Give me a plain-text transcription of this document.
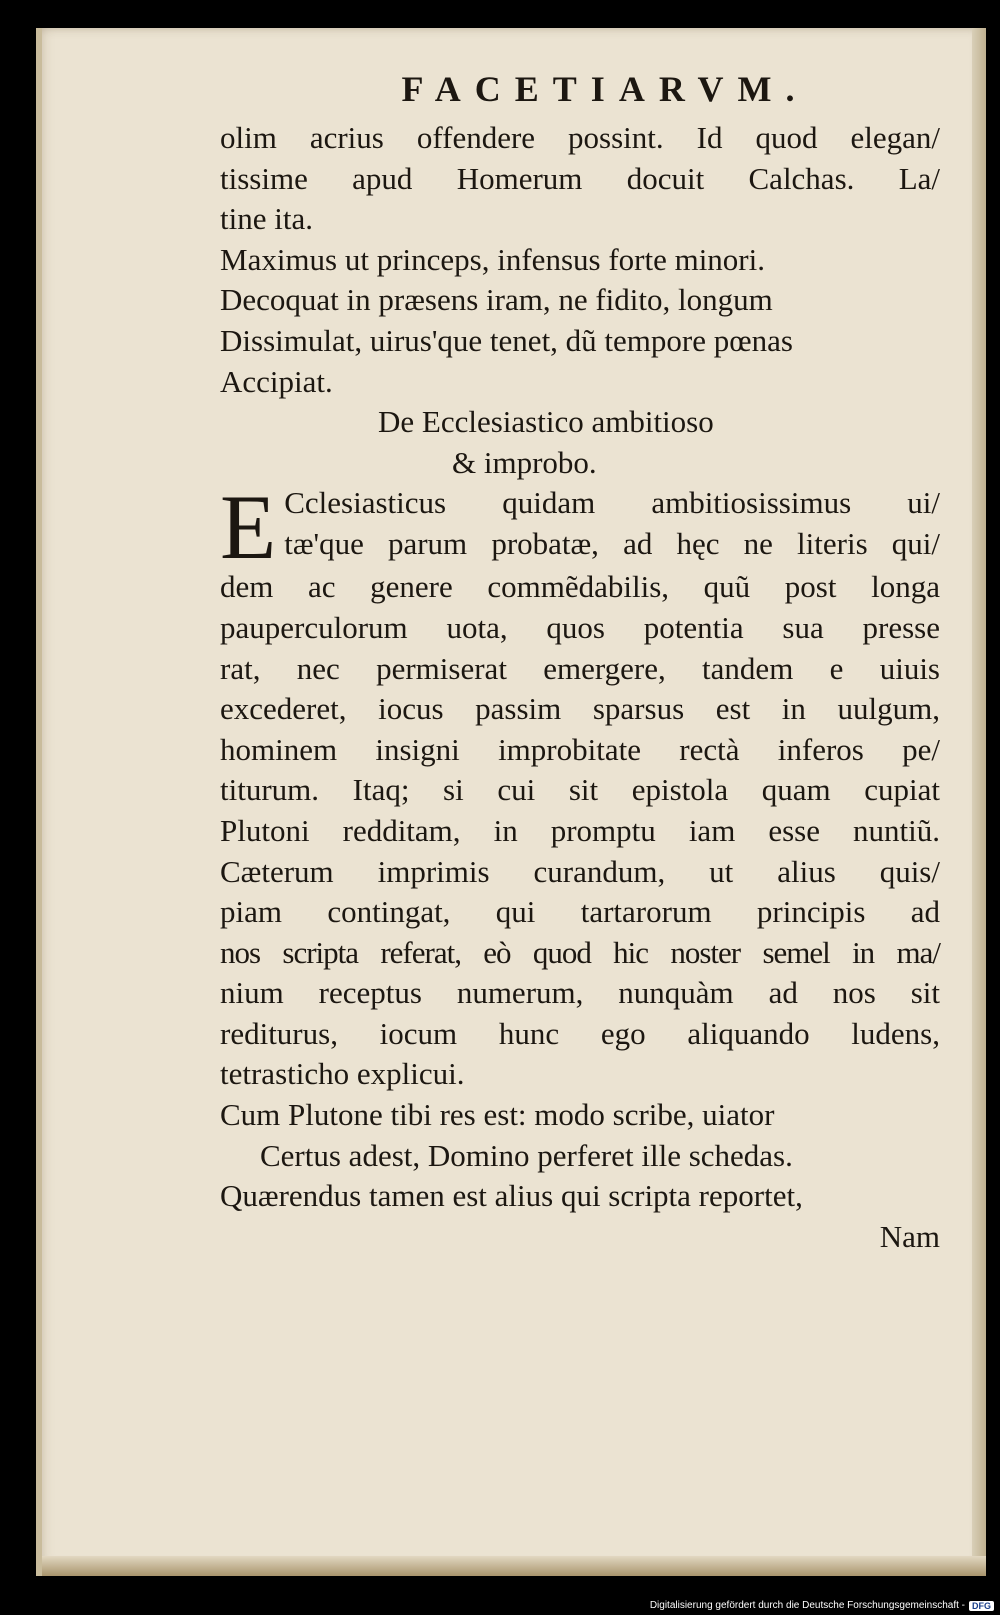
FACETIARVM.
olim acrius offendere possint. Id quod elegan/
tissime apud Homerum docuit Calchas. La/
tine ita.
Maximus ut princeps, infensus forte minori.
Decoquat in præsens iram, ne fidito, longum
Dissimulat, uirus'que tenet, dũ tempore pœnas
Accipiat.
De Ecclesiastico ambitioso
& improbo.
E Cclesiasticus quidam ambitiosissimus ui/
tæ'que parum probatæ, ad hęc ne literis qui/
dem ac genere commẽdabilis, quũ post longa
pauperculorum uota, quos potentia sua presse
rat, nec permiserat emergere, tandem e uiuis
excederet, iocus passim sparsus est in uulgum,
hominem insigni improbitate rectà inferos pe/
titurum. Itaq; si cui sit epistola quam cupiat
Plutoni redditam, in promptu iam esse nuntiũ.
Cæterum imprimis curandum, ut alius quis/
piam contingat, qui tartarorum principis ad
nos scripta referat, eò quod hic noster semel in ma/
nium receptus numerum, nunquàm ad nos sit
rediturus, iocum hunc ego aliquando ludens,
tetrasticho explicui.
Cum Plutone tibi res est: modo scribe, uiator
Certus adest, Domino perferet ille schedas.
Quærendus tamen est alius qui scripta reportet,
Nam
Digitalisierung gefördert durch die Deutsche Forschungsgemeinschaft - DFG
